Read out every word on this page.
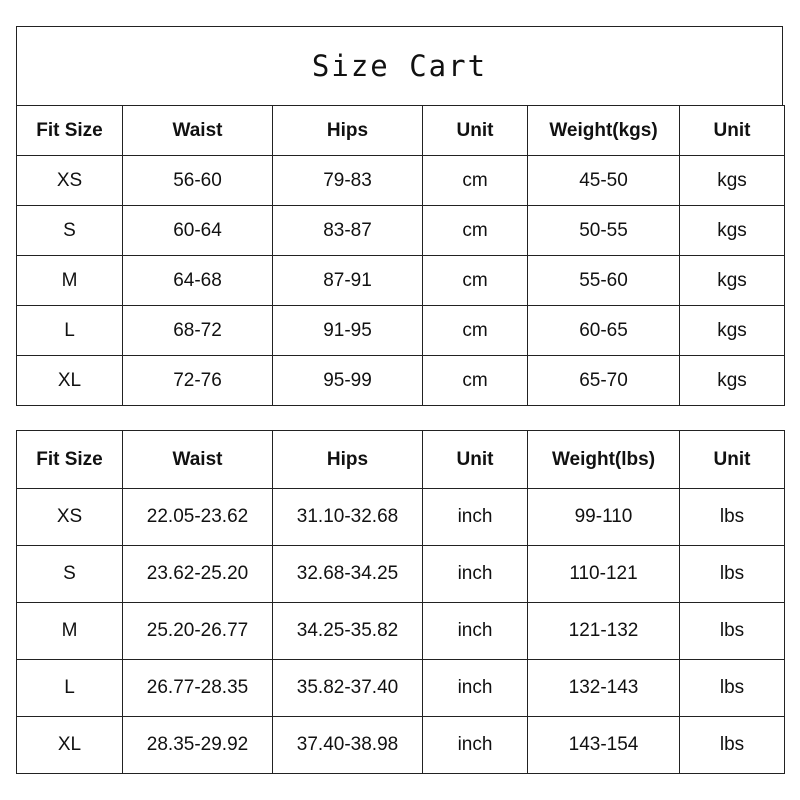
Size Cart
Fit Size	Waist	Hips	Unit	Weight(kgs)	Unit
XS	56-60	79-83	cm	45-50	kgs
S	60-64	83-87	cm	50-55	kgs
M	64-68	87-91	cm	55-60	kgs
L	68-72	91-95	cm	60-65	kgs
XL	72-76	95-99	cm	65-70	kgs
Fit Size	Waist	Hips	Unit	Weight(lbs)	Unit
XS	22.05-23.62	31.10-32.68	inch	99-110	lbs
S	23.62-25.20	32.68-34.25	inch	110-121	lbs
M	25.20-26.77	34.25-35.82	inch	121-132	lbs
L	26.77-28.35	35.82-37.40	inch	132-143	lbs
XL	28.35-29.92	37.40-38.98	inch	143-154	lbs
